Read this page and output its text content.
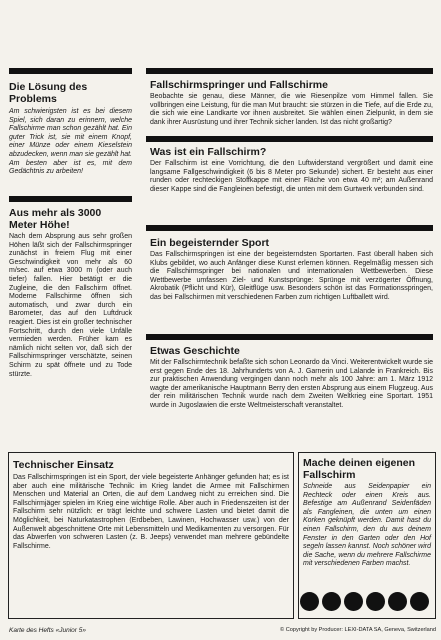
Die Lösung des Problems

Am schwierigsten ist es bei diesem Spiel, sich daran zu erinnern, welche Fallschirme man schon gezählt hat. Ein guter Trick ist, sie mit einem Knopf, einer Münze oder einem Kieselstein abzudecken, wenn man sie gezählt hat. Am besten aber ist es, mit dem Gedächtnis zu arbeiten!

Aus mehr als 3000 Meter Höhe!

Nach dem Absprung aus sehr großen Höhen läßt sich der Fallschirmspringer zunächst in freiem Flug mit einer Geschwindigkeit von mehr als 60 m/sec. auf etwa 3000 m (oder auch tiefer) fallen. Hier betätigt er die Zugleine, die den Fallschirm öffnet. Moderne Fallschirme öffnen sich automatisch, und zwar durch ein Barometer, das auf den Luftdruck reagiert. Dies ist ein großer technischer Fortschritt, durch den viele Unfälle vermieden werden. Früher kam es nämlich nicht selten vor, daß sich der Fallschirmspringer verschätzte, seinen Schirm zu spät öffnete und zu Tode stürzte.

Fallschirmspringer und Fallschirme

Beobachte sie genau, diese Männer, die wie Riesenpilze vom Himmel fallen. Sie vollbringen eine Leistung, für die man Mut braucht: sie stürzen in die Tiefe, auf die Erde zu, die sich wie eine Landkarte vor ihnen ausbreitet. Sie wählen einen Zielpunkt, in dem sie dank ihrer Ausrüstung und ihrer Technik sicher landen. Ist das nicht großartig?

Was ist ein Fallschirm?

Der Fallschirm ist eine Vorrichtung, die den Luftwiderstand vergrößert und damit eine langsame Fallgeschwindigkeit (6 bis 8 Meter pro Sekunde) sichert. Er besteht aus einer runden oder rechteckigen Stoffkappe mit einer Fläche von etwa 40 m²; am Außenrand dieser Kappe sind die Fangleinen befestigt, die unten mit dem Gurtwerk verbunden sind.

Ein begeisternder Sport

Das Fallschirmspringen ist eine der begeisterndsten Sportarten. Fast überall haben sich Klubs gebildet, wo auch Anfänger diese Kunst erlernen können. Regelmäßig messen sich die Fallschirmspringer bei nationalen und internationalen Wettbewerben. Diese Wettbewerbe umfassen Ziel- und Kunstsprünge: Sprünge mit verzögerter Öffnung, Akrobatik (Pflicht und Kür), Gleitflüge usw. Besonders schön ist das Formationsspringen, das bei Fallschirmen mit verschiedenen Farben zum richtigen Luftballett wird.

Etwas Geschichte

Mit der Fallschirmtechnik befaßte sich schon Leonardo da Vinci. Weiterentwickelt wurde sie erst gegen Ende des 18. Jahrhunderts von A. J. Garnerin und Lalande in Frankreich. Bis zur praktischen Anwendung vergingen dann noch mehr als 100 Jahre: am 1. März 1912 wagte der amerikanische Hauptmann Berry den ersten Absprung aus einem Flugzeug. Aus der rein militärischen Technik wurde nach dem Zweiten Weltkrieg eine Sportart. 1951 wurde in Jugoslawien die erste Weltmeisterschaft veranstaltet.

Technischer Einsatz

Das Fallschirmspringen ist ein Sport, der viele begeisterte Anhänger gefunden hat; es ist aber auch eine militärische Technik: im Krieg landet die Armee mit Fallschirmen Menschen und Material an Orten, die auf dem Landweg nicht zu erreichen sind. Die Fallschirmjäger spielen im Krieg eine wichtige Rolle. Aber auch in Friedenszeiten ist der Fallschirm sehr nützlich: er trägt leichte und schwere Lasten und bietet damit die Möglichkeit, bei Naturkatastrophen (Erdbeben, Lawinen, Hochwasser usw.) von der Außenwelt abgeschnittene Orte mit Lebensmitteln und Medikamenten zu versorgen. Für das Abwerfen von schweren Lasten (z. B. Jeeps) verwendet man mehrere gebündelte Fallschirme.

Mache deinen eigenen Fallschirm

Schneide aus Seidenpapier ein Rechteck oder einen Kreis aus. Befestige am Außenrand Seidenfäden als Fangleinen, die unten um einen Korken geknüpft werden. Damit hast du einen Fallschirm, den du aus deinem Fenster in den Garten oder den Hof segeln lassen kannst. Noch schöner wird die Sache, wenn du mehrere Fallschirme mit verschiedenen Farben machst.

Karte des Hefts «Junior 5»	© Copyright by Producer: LEXI-DATA SA, Geneva, Switzerland
